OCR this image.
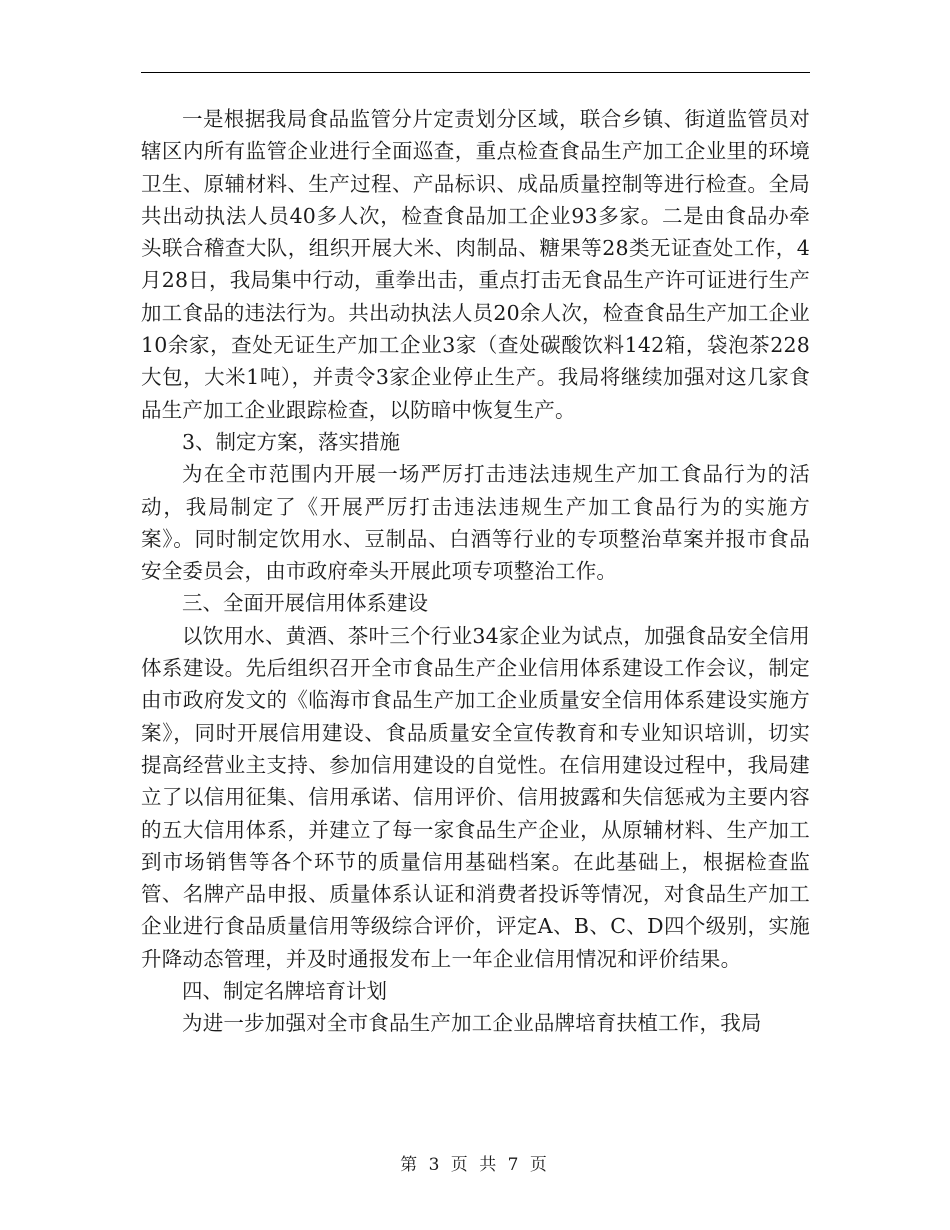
一是根据我局食品监管分片定责划分区域，联合乡镇、街道监管员对辖区内所有监管企业进行全面巡查，重点检查食品生产加工企业里的环境卫生、原辅材料、生产过程、产品标识、成品质量控制等进行检查。全局共出动执法人员40多人次，检查食品加工企业93多家。二是由食品办牵头联合稽查大队，组织开展大米、肉制品、糖果等28类无证查处工作，4月28日，我局集中行动，重拳出击，重点打击无食品生产许可证进行生产加工食品的违法行为。共出动执法人员20余人次，检查食品生产加工企业10余家，查处无证生产加工企业3家（查处碳酸饮料142箱，袋泡茶228大包，大米1吨），并责令3家企业停止生产。我局将继续加强对这几家食品生产加工企业跟踪检查，以防暗中恢复生产。

3、制定方案，落实措施

为在全市范围内开展一场严厉打击违法违规生产加工食品行为的活动，我局制定了《开展严厉打击违法违规生产加工食品行为的实施方案》。同时制定饮用水、豆制品、白酒等行业的专项整治草案并报市食品安全委员会，由市政府牵头开展此项专项整治工作。

三、全面开展信用体系建设

以饮用水、黄酒、茶叶三个行业34家企业为试点，加强食品安全信用体系建设。先后组织召开全市食品生产企业信用体系建设工作会议，制定由市政府发文的《临海市食品生产加工企业质量安全信用体系建设实施方案》，同时开展信用建设、食品质量安全宣传教育和专业知识培训，切实提高经营业主支持、参加信用建设的自觉性。在信用建设过程中，我局建立了以信用征集、信用承诺、信用评价、信用披露和失信惩戒为主要内容的五大信用体系，并建立了每一家食品生产企业，从原辅材料、生产加工到市场销售等各个环节的质量信用基础档案。在此基础上，根据检查监管、名牌产品申报、质量体系认证和消费者投诉等情况，对食品生产加工企业进行食品质量信用等级综合评价，评定A、B、C、D四个级别，实施升降动态管理，并及时通报发布上一年企业信用情况和评价结果。

四、制定名牌培育计划

为进一步加强对全市食品生产加工企业品牌培育扶植工作，我局

第 3 页 共 7 页
